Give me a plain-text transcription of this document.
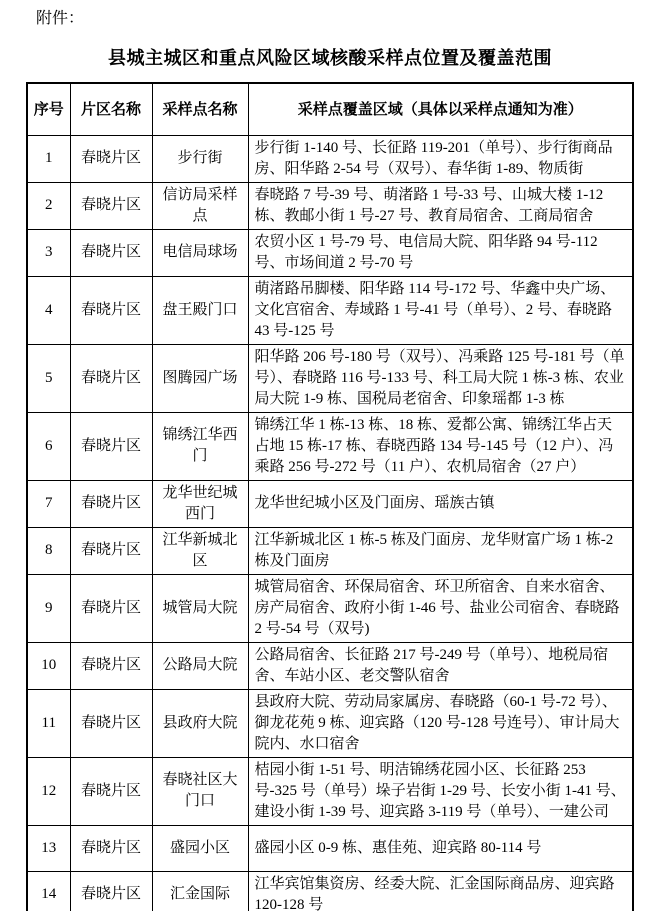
附件：
县城主城区和重点风险区域核酸采样点位置及覆盖范围
序号	片区名称	采样点名称	采样点覆盖区域（具体以采样点通知为准）
1	春晓片区	步行街	步行街 1-140 号、长征路 119-201（单号）、步行街商品房、阳华路 2-54 号（双号）、春华街 1-89、物质街
2	春晓片区	信访局采样点	春晓路 7 号-39 号、萌渚路 1 号-33 号、山城大楼 1-12 栋、教邮小街 1 号-27 号、教育局宿舍、工商局宿舍
3	春晓片区	电信局球场	农贸小区 1 号-79 号、电信局大院、阳华路 94 号-112 号、市场间道 2 号-70 号
4	春晓片区	盘王殿门口	萌渚路吊脚楼、阳华路 114 号-172 号、华鑫中央广场、文化宫宿舍、寿域路 1 号-41 号（单号）、2 号、春晓路 43 号-125 号
5	春晓片区	图腾园广场	阳华路 206 号-180 号（双号）、冯乘路 125 号-181 号（单号）、春晓路 116 号-133 号、科工局大院 1 栋-3 栋、农业局大院 1-9 栋、国税局老宿舍、印象瑶都 1-3 栋
6	春晓片区	锦绣江华西门	锦绣江华 1 栋-13 栋、18 栋、爱都公寓、锦绣江华占天占地 15 栋-17 栋、春晓西路 134 号-145 号（12 户）、冯乘路 256 号-272 号（11 户）、农机局宿舍（27 户）
7	春晓片区	龙华世纪城西门	龙华世纪城小区及门面房、瑶族古镇
8	春晓片区	江华新城北区	江华新城北区 1 栋-5 栋及门面房、龙华财富广场 1 栋-2 栋及门面房
9	春晓片区	城管局大院	城管局宿舍、环保局宿舍、环卫所宿舍、自来水宿舍、房产局宿舍、政府小街 1-46 号、盐业公司宿舍、春晓路 2 号-54 号（双号)
10	春晓片区	公路局大院	公路局宿舍、长征路 217 号-249 号（单号）、地税局宿舍、车站小区、老交警队宿舍
11	春晓片区	县政府大院	县政府大院、劳动局家属房、春晓路（60-1 号-72 号）、御龙花苑 9 栋、迎宾路（120 号-128 号连号）、审计局大院内、水口宿舍
12	春晓片区	春晓社区大门口	桔园小街 1-51 号、明洁锦绣花园小区、长征路 253 号-325 号（单号）垛子岩街 1-29 号、长安小街 1-41 号、建设小街 1-39 号、迎宾路 3-119 号（单号）、一建公司
13	春晓片区	盛园小区	盛园小区 0-9 栋、惠佳苑、迎宾路 80-114 号
14	春晓片区	汇金国际	江华宾馆集资房、经委大院、汇金国际商品房、迎宾路 120-128 号
